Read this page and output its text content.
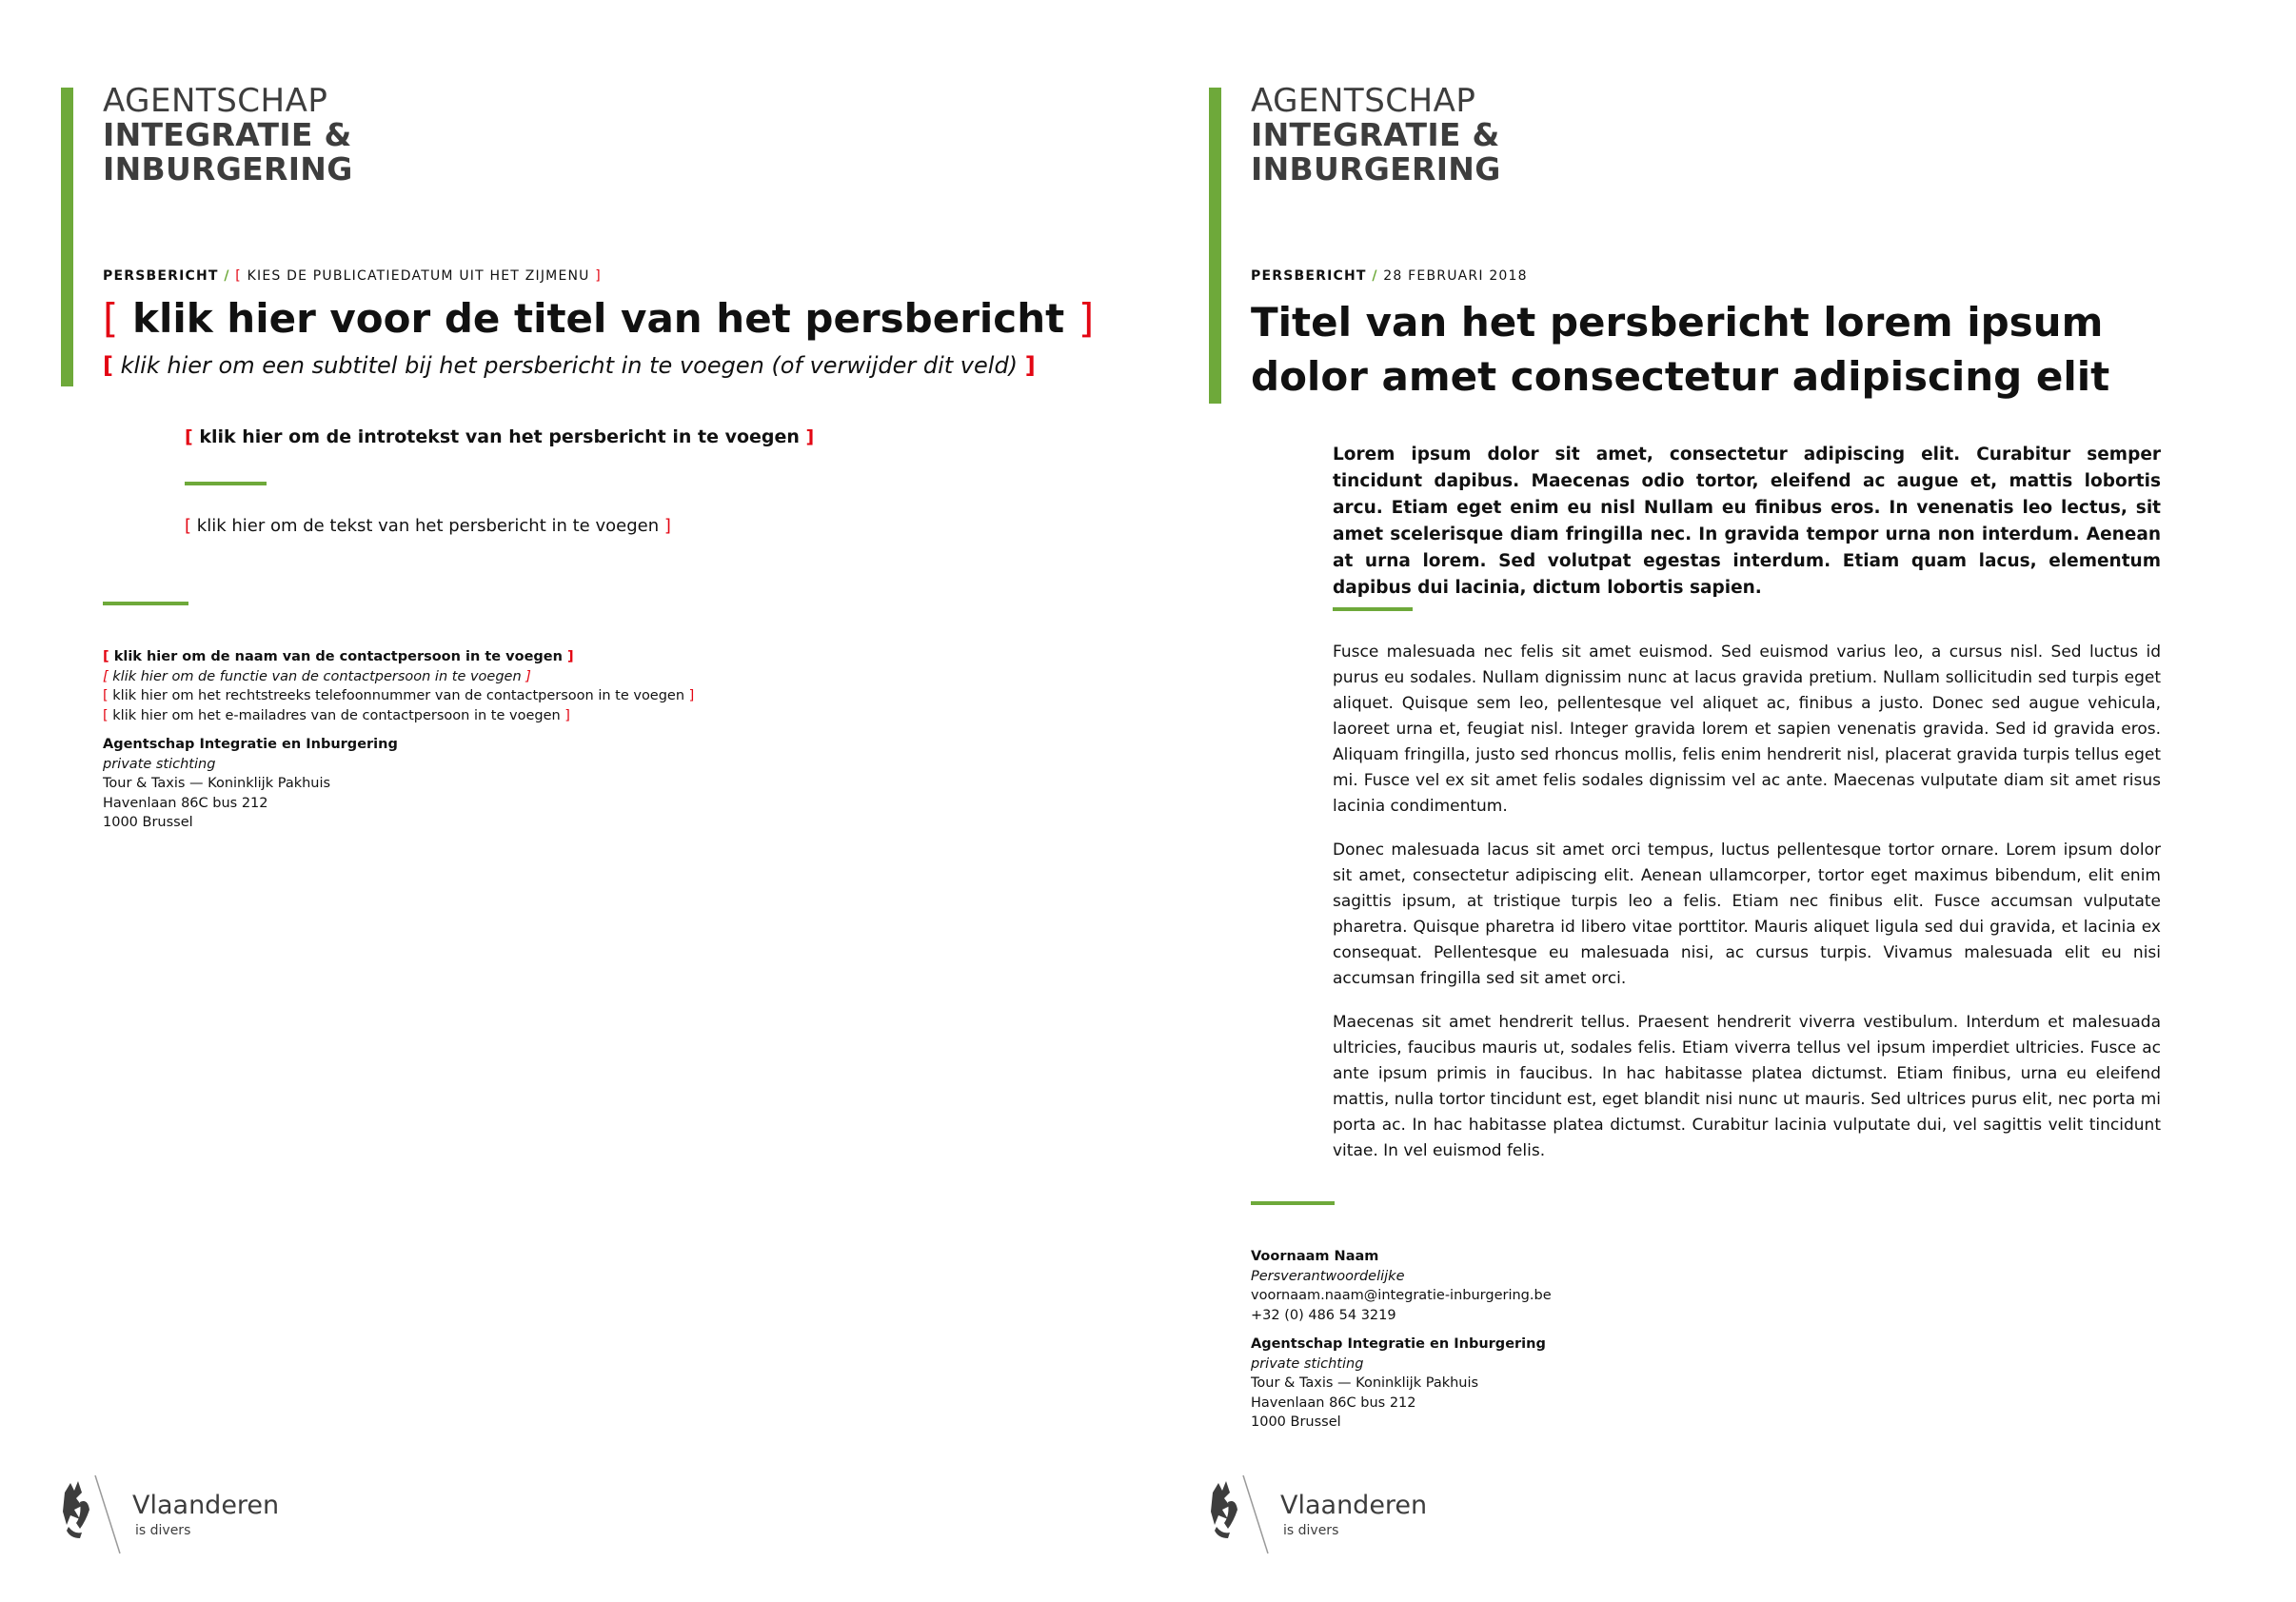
AGENTSCHAP
INTEGRATIE &
INBURGERING
PERSBERICHT / [ KIES DE PUBLICATIEDATUM UIT HET ZIJMENU ]
[ klik hier voor de titel van het persbericht ]
[ klik hier om een subtitel bij het persbericht in te voegen (of verwijder dit veld) ]
[ klik hier om de introtekst van het persbericht in te voegen ]
[ klik hier om de tekst van het persbericht in te voegen ]
[ klik hier om de naam van de contactpersoon in te voegen ]
[ klik hier om de functie van de contactpersoon in te voegen ]
[ klik hier om het rechtstreeks telefoonnummer van de contactpersoon in te voegen ]
[ klik hier om het e-mailadres van de contactpersoon in te voegen ]
Agentschap Integratie en Inburgering
private stichting
Tour & Taxis — Koninklijk Pakhuis
Havenlaan 86C bus 212
1000 Brussel
Vlaanderen
is divers
AGENTSCHAP
INTEGRATIE &
INBURGERING
PERSBERICHT / 28 FEBRUARI 2018
Titel van het persbericht lorem ipsum dolor amet consectetur adipiscing elit
Lorem ipsum dolor sit amet, consectetur adipiscing elit. Curabitur semper tincidunt dapibus. Maecenas odio tortor, eleifend ac augue et, mattis lobortis arcu. Etiam eget enim eu nisl Nullam eu finibus eros. In venenatis leo lectus, sit amet scelerisque diam fringilla nec. In gravida tempor urna non interdum. Aenean at urna lorem. Sed volutpat egestas interdum. Etiam quam lacus, elementum dapibus dui lacinia, dictum lobortis sapien.

Fusce malesuada nec felis sit amet euismod. Sed euismod varius leo, a cursus nisl. Sed luctus id purus eu sodales. Nullam dignissim nunc at lacus gravida pretium. Nullam sollicitudin sed turpis eget aliquet. Quisque sem leo, pellentesque vel aliquet ac, finibus a justo. Donec sed augue vehicula, laoreet urna et, feugiat nisl. Integer gravida lorem et sapien venenatis gravida. Sed id gravida eros. Aliquam fringilla, justo sed rhoncus mollis, felis enim hendrerit nisl, placerat gravida turpis tellus eget mi. Fusce vel ex sit amet felis sodales dignissim vel ac ante. Maecenas vulputate diam sit amet risus lacinia condimentum.

Donec malesuada lacus sit amet orci tempus, luctus pellentesque tortor ornare. Lorem ipsum dolor sit amet, consectetur adipiscing elit. Aenean ullamcorper, tortor eget maximus bibendum, elit enim sagittis ipsum, at tristique turpis leo a felis. Etiam nec finibus elit. Fusce accumsan vulputate pharetra. Quisque pharetra id libero vitae porttitor. Mauris aliquet ligula sed dui gravida, et lacinia ex consequat. Pellentesque eu malesuada nisi, ac cursus turpis. Vivamus malesuada elit eu nisi accumsan fringilla sed sit amet orci.

Maecenas sit amet hendrerit tellus. Praesent hendrerit viverra vestibulum. Interdum et malesuada ultricies, faucibus mauris ut, sodales felis. Etiam viverra tellus vel ipsum imperdiet ultricies. Fusce ac ante ipsum primis in faucibus. In hac habitasse platea dictumst. Etiam finibus, urna eu eleifend mattis, nulla tortor tincidunt est, eget blandit nisi nunc ut mauris. Sed ultrices purus elit, nec porta mi porta ac. In hac habitasse platea dictumst. Curabitur lacinia vulputate dui, vel sagittis velit tincidunt vitae. In vel euismod felis.

Voornaam Naam
Persverantwoordelijke
voornaam.naam@integratie-inburgering.be
+32 (0) 486 54 3219
Agentschap Integratie en Inburgering
private stichting
Tour & Taxis — Koninklijk Pakhuis
Havenlaan 86C bus 212
1000 Brussel
Vlaanderen
is divers
